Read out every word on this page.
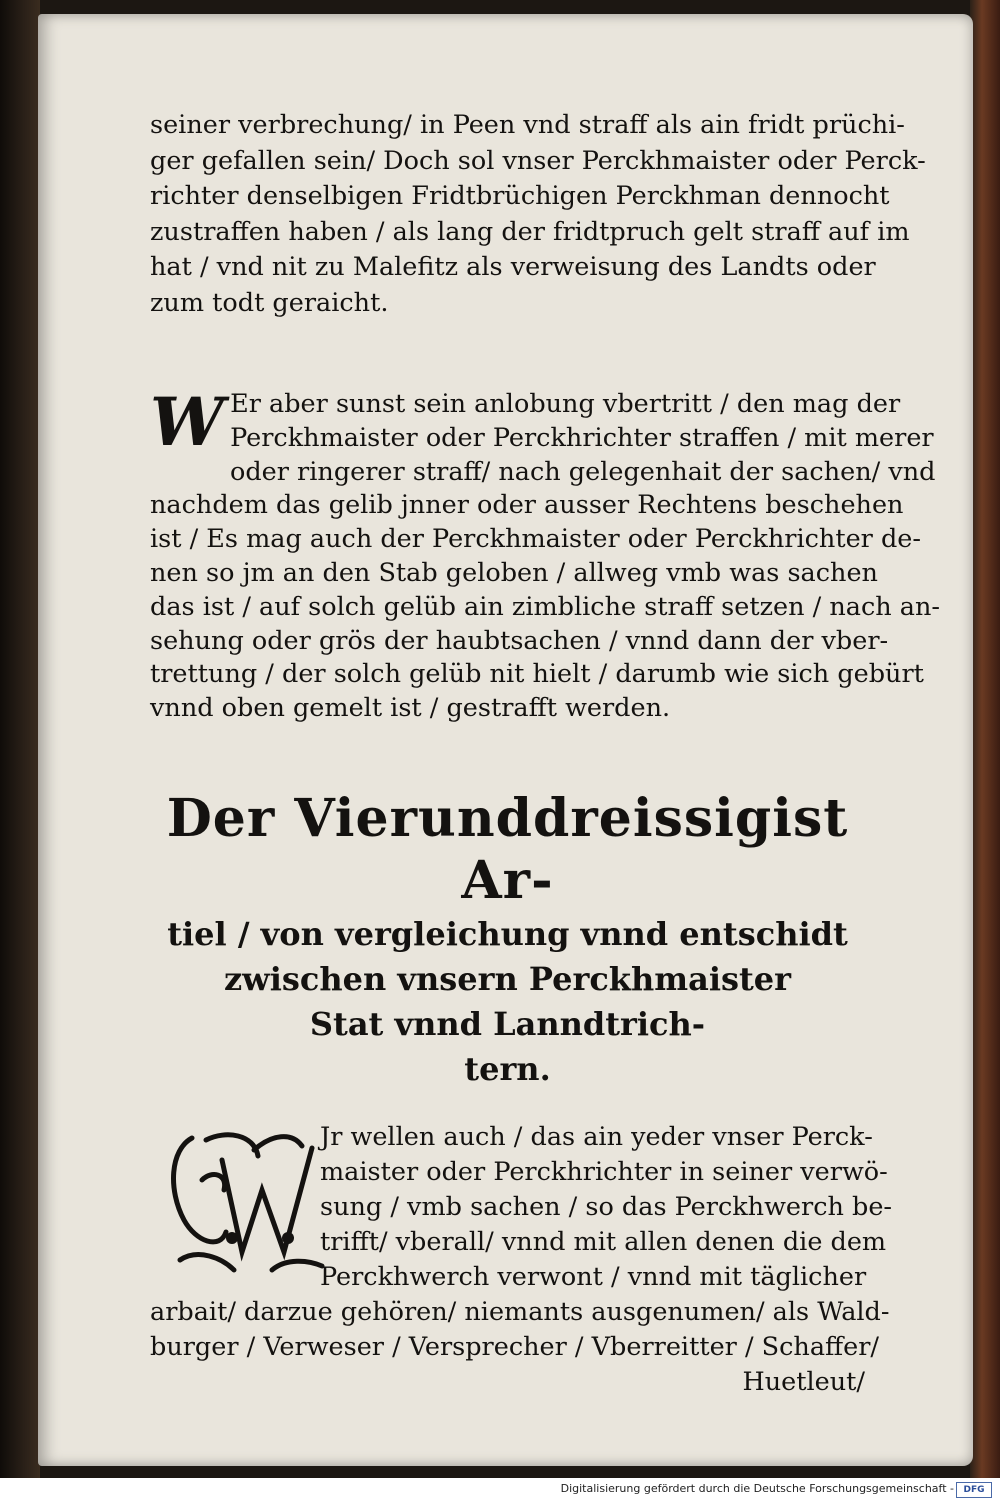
seiner verbrechung/ in Peen vnd straff als ain fridt prüchi-
ger gefallen sein/ Doch sol vnser Perckhmaister oder Perck-
richter denselbigen Fridtbrüchigen Perckhman dennocht
zustraffen haben / als lang der fridtpruch gelt straff auf im
hat / vnd nit zu Malefitz als verweisung des Landts oder
zum todt geraicht.
W Er aber sunst sein anlobung vbertritt / den mag der
Perckhmaister oder Perckhrichter straffen / mit merer
oder ringerer straff/ nach gelegenhait der sachen/ vnd
nachdem das gelib jnner oder ausser Rechtens beschehen
ist / Es mag auch der Perckhmaister oder Perckhrichter de-
nen so jm an den Stab geloben / allweg vmb was sachen
das ist / auf solch gelüb ain zimbliche straff setzen / nach an-
sehung oder grös der haubtsachen / vnnd dann der vber-
trettung / der solch gelüb nit hielt / darumb wie sich gebürt
vnnd oben gemelt ist / gestrafft werden.
Der Vierunddreissigist Ar-
tiel / von vergleichung vnnd entschidt
zwischen vnsern Perckhmaister
Stat vnnd Lanndtrich-
tern.
Jr wellen auch / das ain yeder vnser Perck-
maister oder Perckhrichter in seiner verwö-
sung / vmb sachen / so das Perckhwerch be-
trifft/ vberall/ vnnd mit allen denen die dem
Perckhwerch verwont / vnnd mit täglicher
arbait/ darzue gehören/ niemants ausgenumen/ als Wald-
burger / Verweser / Versprecher / Vberreitter / Schaffer/
Huetleut/
Digitalisierung gefördert durch die Deutsche Forschungsgemeinschaft -	DFG
